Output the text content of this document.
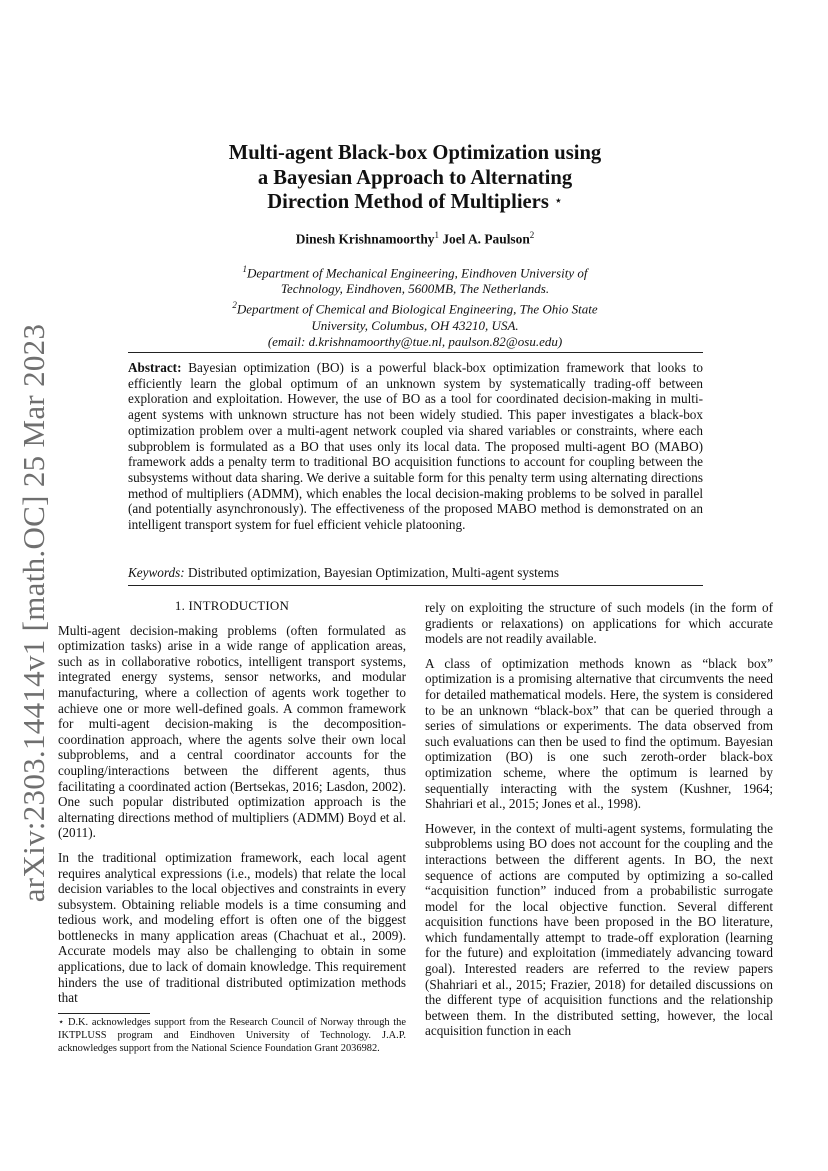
arXiv:2303.14414v1 [math.OC] 25 Mar 2023
Multi-agent Black-box Optimization using
a Bayesian Approach to Alternating
Direction Method of Multipliers ⋆
Dinesh Krishnamoorthy$^1$ Joel A. Paulson$^2$
$^1$Department of Mechanical Engineering, Eindhoven University of
Technology, Eindhoven, 5600MB, The Netherlands.
$^2$Department of Chemical and Biological Engineering, The Ohio State
University, Columbus, OH 43210, USA.
(email: d.krishnamoorthy@tue.nl, paulson.82@osu.edu)
Abstract: Bayesian optimization (BO) is a powerful black-box optimization framework that looks to efficiently learn the global optimum of an unknown system by systematically trading-off between exploration and exploitation. However, the use of BO as a tool for coordinated decision-making in multi-agent systems with unknown structure has not been widely studied. This paper investigates a black-box optimization problem over a multi-agent network coupled via shared variables or constraints, where each subproblem is formulated as a BO that uses only its local data. The proposed multi-agent BO (MABO) framework adds a penalty term to traditional BO acquisition functions to account for coupling between the subsystems without data sharing. We derive a suitable form for this penalty term using alternating directions method of multipliers (ADMM), which enables the local decision-making problems to be solved in parallel (and potentially asynchronously). The effectiveness of the proposed MABO method is demonstrated on an intelligent transport system for fuel efficient vehicle platooning.
Keywords: Distributed optimization, Bayesian Optimization, Multi-agent systems
1. INTRODUCTION

Multi-agent decision-making problems (often formulated as optimization tasks) arise in a wide range of application areas, such as in collaborative robotics, intelligent transport systems, integrated energy systems, sensor networks, and modular manufacturing, where a collection of agents work together to achieve one or more well-defined goals. A common framework for multi-agent decision-making is the decomposition-coordination approach, where the agents solve their own local subproblems, and a central coordinator accounts for the coupling/interactions between the different agents, thus facilitating a coordinated action (Bertsekas, 2016; Lasdon, 2002). One such popular distributed optimization approach is the alternating directions method of multipliers (ADMM) Boyd et al. (2011).

In the traditional optimization framework, each local agent requires analytical expressions (i.e., models) that relate the local decision variables to the local objectives and constraints in every subsystem. Obtaining reliable models is a time consuming and tedious work, and modeling effort is often one of the biggest bottlenecks in many application areas (Chachuat et al., 2009). Accurate models may also be challenging to obtain in some applications, due to lack of domain knowledge. This requirement hinders the use of traditional distributed optimization methods that

rely on exploiting the structure of such models (in the form of gradients or relaxations) on applications for which accurate models are not readily available.

A class of optimization methods known as “black box” optimization is a promising alternative that circumvents the need for detailed mathematical models. Here, the system is considered to be an unknown “black-box” that can be queried through a series of simulations or experiments. The data observed from such evaluations can then be used to find the optimum. Bayesian optimization (BO) is one such zeroth-order black-box optimization scheme, where the optimum is learned by sequentially interacting with the system (Kushner, 1964; Shahriari et al., 2015; Jones et al., 1998).

However, in the context of multi-agent systems, formulating the subproblems using BO does not account for the coupling and the interactions between the different agents. In BO, the next sequence of actions are computed by optimizing a so-called “acquisition function” induced from a probabilistic surrogate model for the local objective function. Several different acquisition functions have been proposed in the BO literature, which fundamentally attempt to trade-off exploration (learning for the future) and exploitation (immediately advancing toward goal). Interested readers are referred to the review papers (Shahriari et al., 2015; Frazier, 2018) for detailed discussions on the different type of acquisition functions and the relationship between them. In the distributed setting, however, the local acquisition function in each

⋆ D.K. acknowledges support from the Research Council of Norway through the IKTPLUSS program and Eindhoven University of Technology. J.A.P. acknowledges support from the National Science Foundation Grant 2036982.
